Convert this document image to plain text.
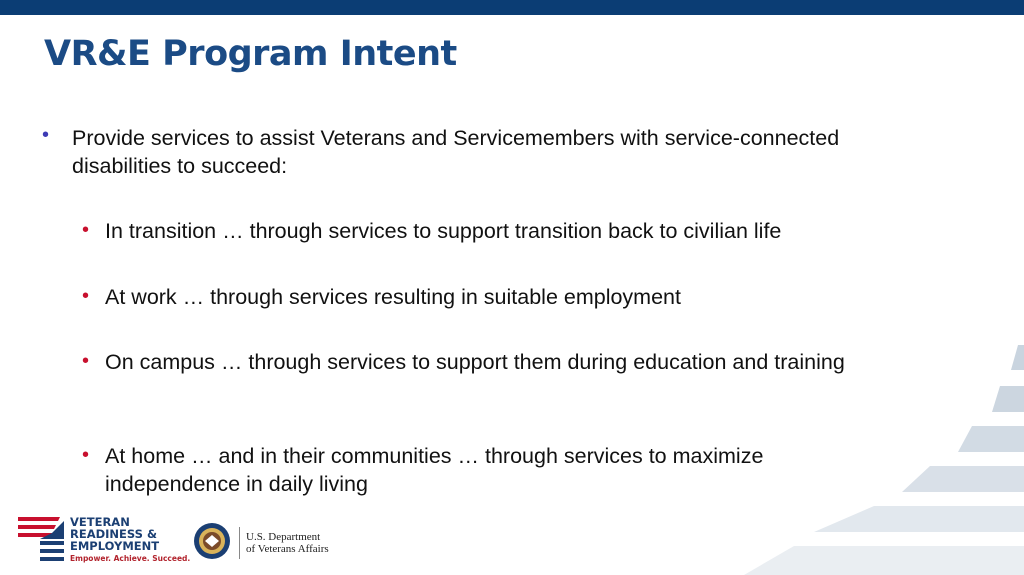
VR&E Program Intent
• Provide services to assist Veterans and Servicemembers with service-connected disabilities to succeed:
• In transition … through services to support transition back to civilian life
• At work … through services resulting in suitable employment
• On campus … through services to support them during education and training
• At home … and in their communities … through services to maximize independence in daily living
VETERAN
READINESS &
EMPLOYMENT
Empower. Achieve. Succeed.
U.S. Department
of Veterans Affairs
